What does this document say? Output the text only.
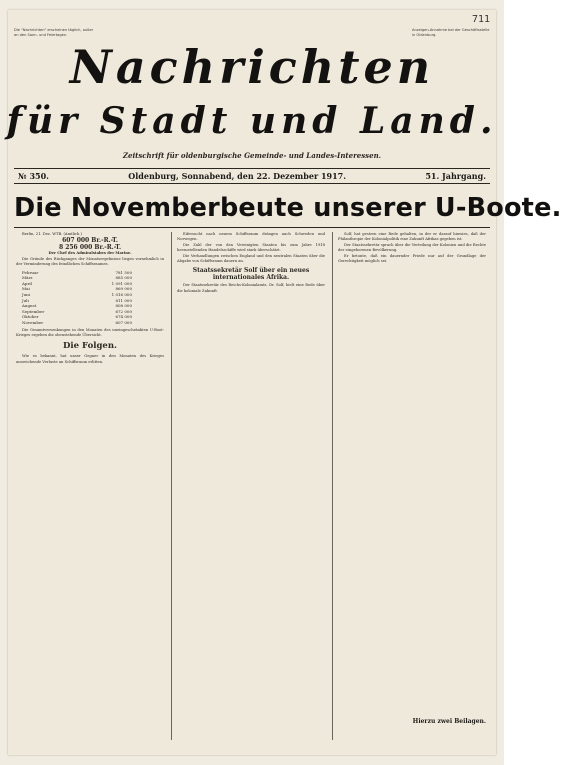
711
Die "Nachrichten" erscheinen täglich, außer an den Sonn- und Feiertagen.
Anzeigen-Annahme bei der Geschäftsstelle in Oldenburg.
Nachrichten
für Stadt und Land.
Zeitschrift für oldenburgische Gemeinde- und Landes-Interessen.
№ 350.	Oldenburg, Sonnabend, den 22. Dezember 1917.	51. Jahrgang.
Die Novemberbeute unserer U-Boote.

Berlin, 21. Dez. WTB. (Amtlich.)

607 000 Br.-R.-T.

8 256 000 Br.-R.-T.

Der Chef des Admiralstabes der Marine.

Die Gründe des Rückganges der Monatsergebnisse liegen vornehmlich in der Verminderung des feindlichen Schiffsraumes.

Februar	781 500
März	885 000
April	1 091 000
Mai	869 000
Juni	1 016 000
Juli	811 000
August	808 000
September	672 000
Oktober	674 000
November	607 000

Die Gesamtversenkungen in den Monaten des uneingeschränkten U-Boot-Krieges ergeben die obenstehende Übersicht.

Die Folgen.

Wie es bekannt, hat unser Gegner in den Monaten des Krieges ausreichende Verluste an Schiffsraum erlitten.

Eifersucht nach neuem Schiffsraum drängen auch Schweden und Norwegen.

Die Zahl der von den Vereinigten Staaten bis zum Jahre 1918 herzustellenden Handelsschiffe wird stark überschätzt.

Die Verhandlungen zwischen England und den neutralen Staaten über die Abgabe von Schiffsraum dauern an.

Staatssekretär Solf über ein neues internationales Afrika.

Der Staatssekretär des Reichs-Kolonialamts, Dr. Solf, hielt eine Rede über die koloniale Zukunft.

Solf, hat gestern eine Rede gehalten, in der er darauf hinwies, daß der Philanthropie der Kolonialpolitik eine Zukunft Afrikas gegeben ist.

Der Staatssekretär sprach über die Verteilung der Kolonien und die Rechte der eingeborenen Bevölkerung.

Er betonte, daß ein dauernder Friede nur auf der Grundlage der Gerechtigkeit möglich sei.

Hierzu zwei Beilagen.
